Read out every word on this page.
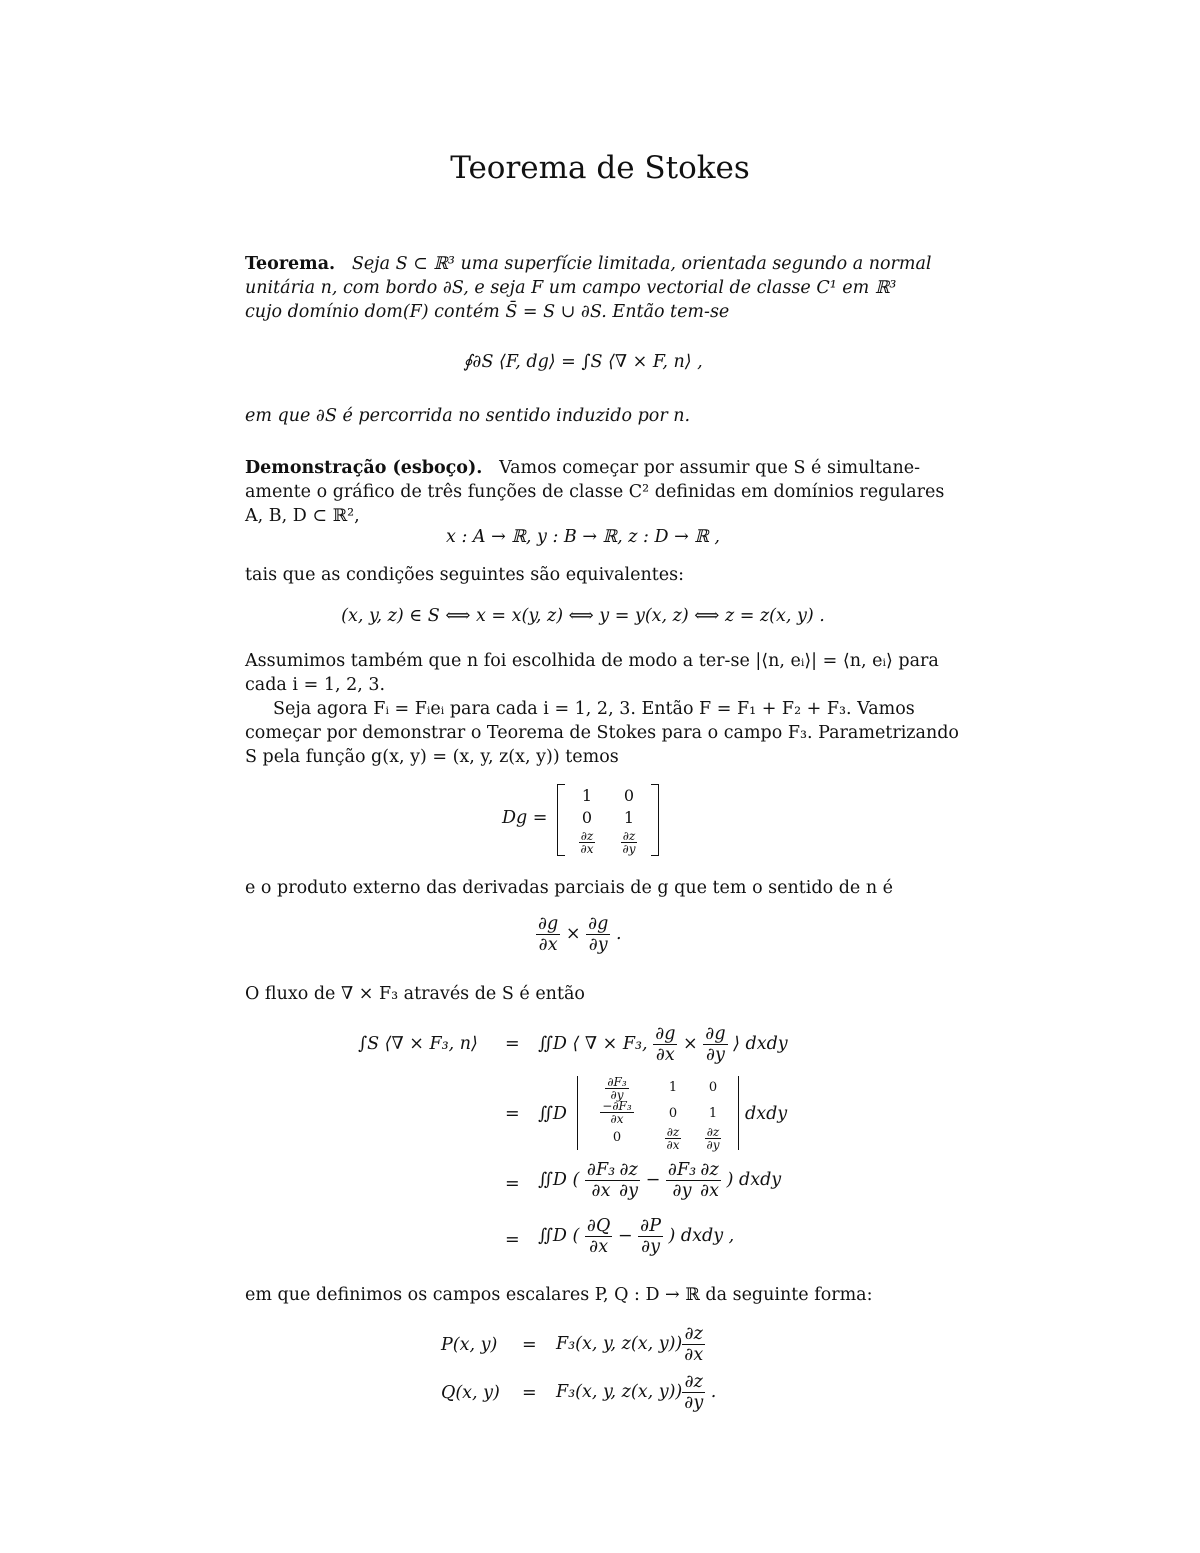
Teorema de Stokes
Teorema. Seja S ⊂ ℝ³ uma superfície limitada, orientada segundo a normal
unitária n, com bordo ∂S, e seja F um campo vectorial de classe C¹ em ℝ³
cujo domínio dom(F) contém S̄ = S ∪ ∂S. Então tem-se
∮∂S ⟨F, dg⟩ = ∫S ⟨∇ × F, n⟩ ,
em que ∂S é percorrida no sentido induzido por n.
Demonstração (esboço). Vamos começar por assumir que S é simultane-
amente o gráfico de três funções de classe C² definidas em domínios regulares
A, B, D ⊂ ℝ²,
x : A → ℝ, y : B → ℝ, z : D → ℝ ,
tais que as condições seguintes são equivalentes:
(x, y, z) ∈ S ⟺ x = x(y, z) ⟺ y = y(x, z) ⟺ z = z(x, y) .
Assumimos também que n foi escolhida de modo a ter-se |⟨n, eᵢ⟩| = ⟨n, eᵢ⟩ para
cada i = 1, 2, 3.
Seja agora Fᵢ = Fᵢeᵢ para cada i = 1, 2, 3. Então F = F₁ + F₂ + F₃. Vamos
começar por demonstrar o Teorema de Stokes para o campo F₃. Parametrizando
S pela função g(x, y) = (x, y, z(x, y)) temos
Dg =
1	0
0	1
$\frac{\partial z}{\partial x} \frac{\partial z}{\partial y}$
e o produto externo das derivadas parciais de g que tem o sentido de n é
$\frac{\partial g}{\partial x} \times \frac{\partial g}{\partial y}$ .
O fluxo de ∇ × F₃ através de S é então
∫S ⟨∇ × F₃, n⟩ = ∬D ⟨ ∇ × F₃, $\frac{\partial g}{\partial x} \times \frac{\partial g}{\partial y}$ ⟩ dxdy
= ∬D
$\frac{\text{∂F₃}}{\partial y}$	1	0
$\frac{\text{−∂F₃}}{\partial x}$	0	1
0	$\frac{\partial z}{\partial x} \frac{\partial z}{\partial y}$
dxdy
= ∬D ( $\frac{\text{∂F₃}}{\partial x} \frac{\partial z}{\partial y} - \frac{\text{∂F₃}}{\partial y} \frac{\partial z}{\partial x}$ ) dxdy
= ∬D ( $\frac{\partial Q}{\partial x} - \frac{\partial P}{\partial y}$ ) dxdy ,
em que definimos os campos escalares P, Q : D → ℝ da seguinte forma:
P(x, y) = F₃(x, y, z(x, $y)) \frac{\partial z}{\partial x}$
Q(x, y) = F₃(x, y, z(x, $y)) \frac{\partial z}{\partial y}$ .
